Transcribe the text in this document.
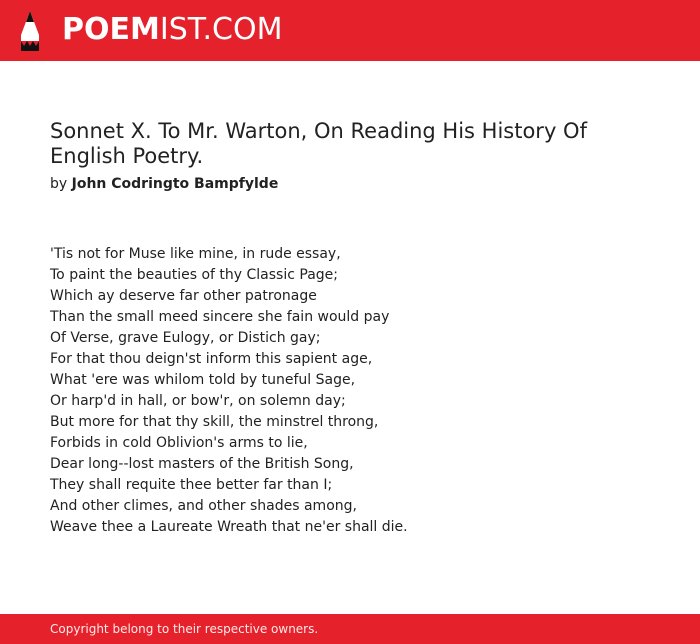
POEMIST.COM
Sonnet X. To Mr. Warton, On Reading His History Of English Poetry.
by John Codringto Bampfylde
'Tis not for Muse like mine, in rude essay,
To paint the beauties of thy Classic Page;
Which ay deserve far other patronage
Than the small meed sincere she fain would pay
Of Verse, grave Eulogy, or Distich gay;
For that thou deign'st inform this sapient age,
What 'ere was whilom told by tuneful Sage,
Or harp'd in hall, or bow'r, on solemn day;
But more for that thy skill, the minstrel throng,
Forbids in cold Oblivion's arms to lie,
Dear long--lost masters of the British Song,
They shall requite thee better far than I;
And other climes, and other shades among,
Weave thee a Laureate Wreath that ne'er shall die.
Copyright belong to their respective owners.
